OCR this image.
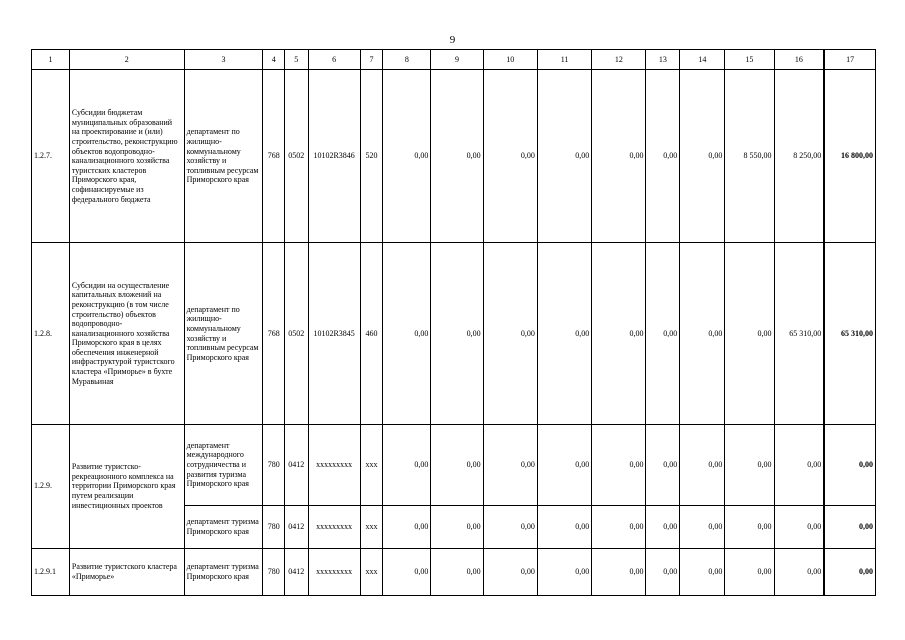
9
1	2	3	4	5	6	7	8	9	10	11	12	13	14	15	16	17
1.2.7.	Субсидии бюджетам муниципальных образований на проектирование и (или) строительство, реконструкцию объектов водопроводно-канализационного хозяйства туристских кластеров Приморского края, софинансируемые из федерального бюджета	департамент по жилищно-коммунальному хозяйству и топливным ресурсам Приморского края	768	0502	10102R3846	520	0,00	0,00	0,00	0,00	0,00	0,00	0,00	8 550,00	8 250,00	16 800,00
1.2.8.	Субсидии на осуществление капитальных вложений на реконструкцию (в том числе строительство) объектов водопроводно-канализационного хозяйства Приморского края в целях обеспечения инженерной инфраструктурой туристского кластера «Приморье» в бухте Муравьиная	департамент по жилищно-коммунальному хозяйству и топливным ресурсам Приморского края	768	0502	10102R3845	460	0,00	0,00	0,00	0,00	0,00	0,00	0,00	0,00	65 310,00	65 310,00
1.2.9.	Развитие туристско-рекреационного комплекса на территории Приморского края путем реализации инвестиционных проектов	департамент международного сотрудничества и развития туризма Приморского края	780	0412	xxxxxxxxx	xxx	0,00	0,00	0,00	0,00	0,00	0,00	0,00	0,00	0,00	0,00
		департамент туризма Приморского края	780	0412	xxxxxxxxx	xxx	0,00	0,00	0,00	0,00	0,00	0,00	0,00	0,00	0,00	0,00
1.2.9.1	Развитие туристского кластера «Приморье»	департамент туризма Приморского края	780	0412	xxxxxxxxx	xxx	0,00	0,00	0,00	0,00	0,00	0,00	0,00	0,00	0,00	0,00
